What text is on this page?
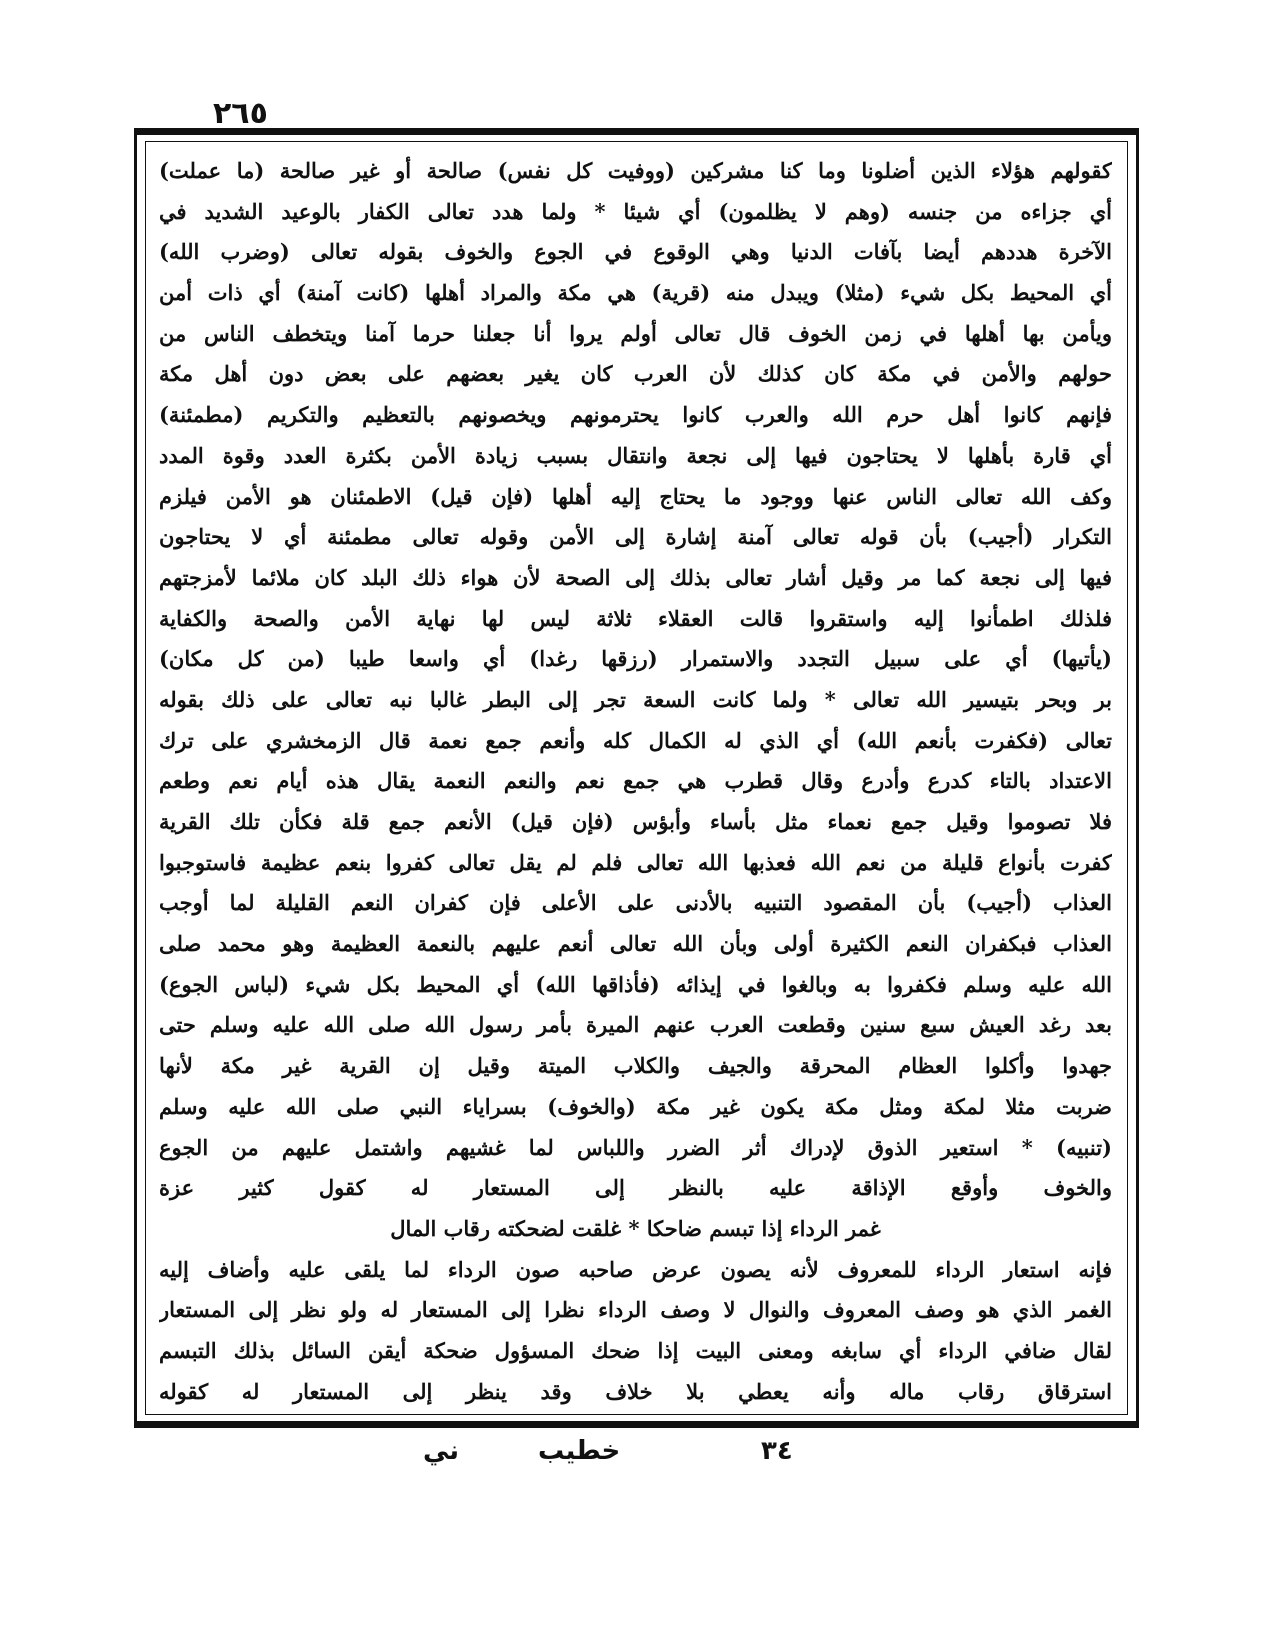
٢٦٥
كقولهم هؤلاء الذين أضلونا وما كنا مشركين (ووفيت كل نفس) صالحة أو غير صالحة (ما عملت)
أي جزاءه من جنسه (وهم لا يظلمون) أي شيئا * ولما هدد تعالى الكفار بالوعيد الشديد في
الآخرة هددهم أيضا بآفات الدنيا وهي الوقوع في الجوع والخوف بقوله تعالى (وضرب الله)
أي المحيط بكل شيء (مثلا) ويبدل منه (قرية) هي مكة والمراد أهلها (كانت آمنة) أي ذات أمن
ويأمن بها أهلها في زمن الخوف قال تعالى أولم يروا أنا جعلنا حرما آمنا ويتخطف الناس من
حولهم والأمن في مكة كان كذلك لأن العرب كان يغير بعضهم على بعض دون أهل مكة
فإنهم كانوا أهل حرم الله والعرب كانوا يحترمونهم ويخصونهم بالتعظيم والتكريم (مطمئنة)
أي قارة بأهلها لا يحتاجون فيها إلى نجعة وانتقال بسبب زيادة الأمن بكثرة العدد وقوة المدد
وكف الله تعالى الناس عنها ووجود ما يحتاج إليه أهلها (فإن قيل) الاطمئنان هو الأمن فيلزم
التكرار (أجيب) بأن قوله تعالى آمنة إشارة إلى الأمن وقوله تعالى مطمئنة أي لا يحتاجون
فيها إلى نجعة كما مر وقيل أشار تعالى بذلك إلى الصحة لأن هواء ذلك البلد كان ملائما لأمزجتهم
فلذلك اطمأنوا إليه واستقروا قالت العقلاء ثلاثة ليس لها نهاية الأمن والصحة والكفاية
(يأتيها) أي على سبيل التجدد والاستمرار (رزقها رغدا) أي واسعا طيبا (من كل مكان)
بر وبحر بتيسير الله تعالى * ولما كانت السعة تجر إلى البطر غالبا نبه تعالى على ذلك بقوله
تعالى (فكفرت بأنعم الله) أي الذي له الكمال كله وأنعم جمع نعمة قال الزمخشري على ترك
الاعتداد بالتاء كدرع وأدرع وقال قطرب هي جمع نعم والنعم النعمة يقال هذه أيام نعم وطعم
فلا تصوموا وقيل جمع نعماء مثل بأساء وأبؤس (فإن قيل) الأنعم جمع قلة فكأن تلك القرية
كفرت بأنواع قليلة من نعم الله فعذبها الله تعالى فلم لم يقل تعالى كفروا بنعم عظيمة فاستوجبوا
العذاب (أجيب) بأن المقصود التنبيه بالأدنى على الأعلى فإن كفران النعم القليلة لما أوجب
العذاب فبكفران النعم الكثيرة أولى وبأن الله تعالى أنعم عليهم بالنعمة العظيمة وهو محمد صلى
الله عليه وسلم فكفروا به وبالغوا في إيذائه (فأذاقها الله) أي المحيط بكل شيء (لباس الجوع)
بعد رغد العيش سبع سنين وقطعت العرب عنهم الميرة بأمر رسول الله صلى الله عليه وسلم حتى
جهدوا وأكلوا العظام المحرقة والجيف والكلاب الميتة وقيل إن القرية غير مكة لأنها
ضربت مثلا لمكة ومثل مكة يكون غير مكة (والخوف) بسراياء النبي صلى الله عليه وسلم
(تنبيه) * استعير الذوق لإدراك أثر الضرر واللباس لما غشيهم واشتمل عليهم من الجوع
والخوف وأوقع الإذاقة عليه بالنظر إلى المستعار له كقول كثير عزة
غمر الرداء إذا تبسم ضاحكا * غلقت لضحكته رقاب المال
فإنه استعار الرداء للمعروف لأنه يصون عرض صاحبه صون الرداء لما يلقى عليه وأضاف إليه
الغمر الذي هو وصف المعروف والنوال لا وصف الرداء نظرا إلى المستعار له ولو نظر إلى المستعار
لقال ضافي الرداء أي سابغه ومعنى البيت إذا ضحك المسؤول ضحكة أيقن السائل بذلك التبسم
استرقاق رقاب ماله وأنه يعطي بلا خلاف وقد ينظر إلى المستعار له كقوله
ني	خطيب	٣٤
